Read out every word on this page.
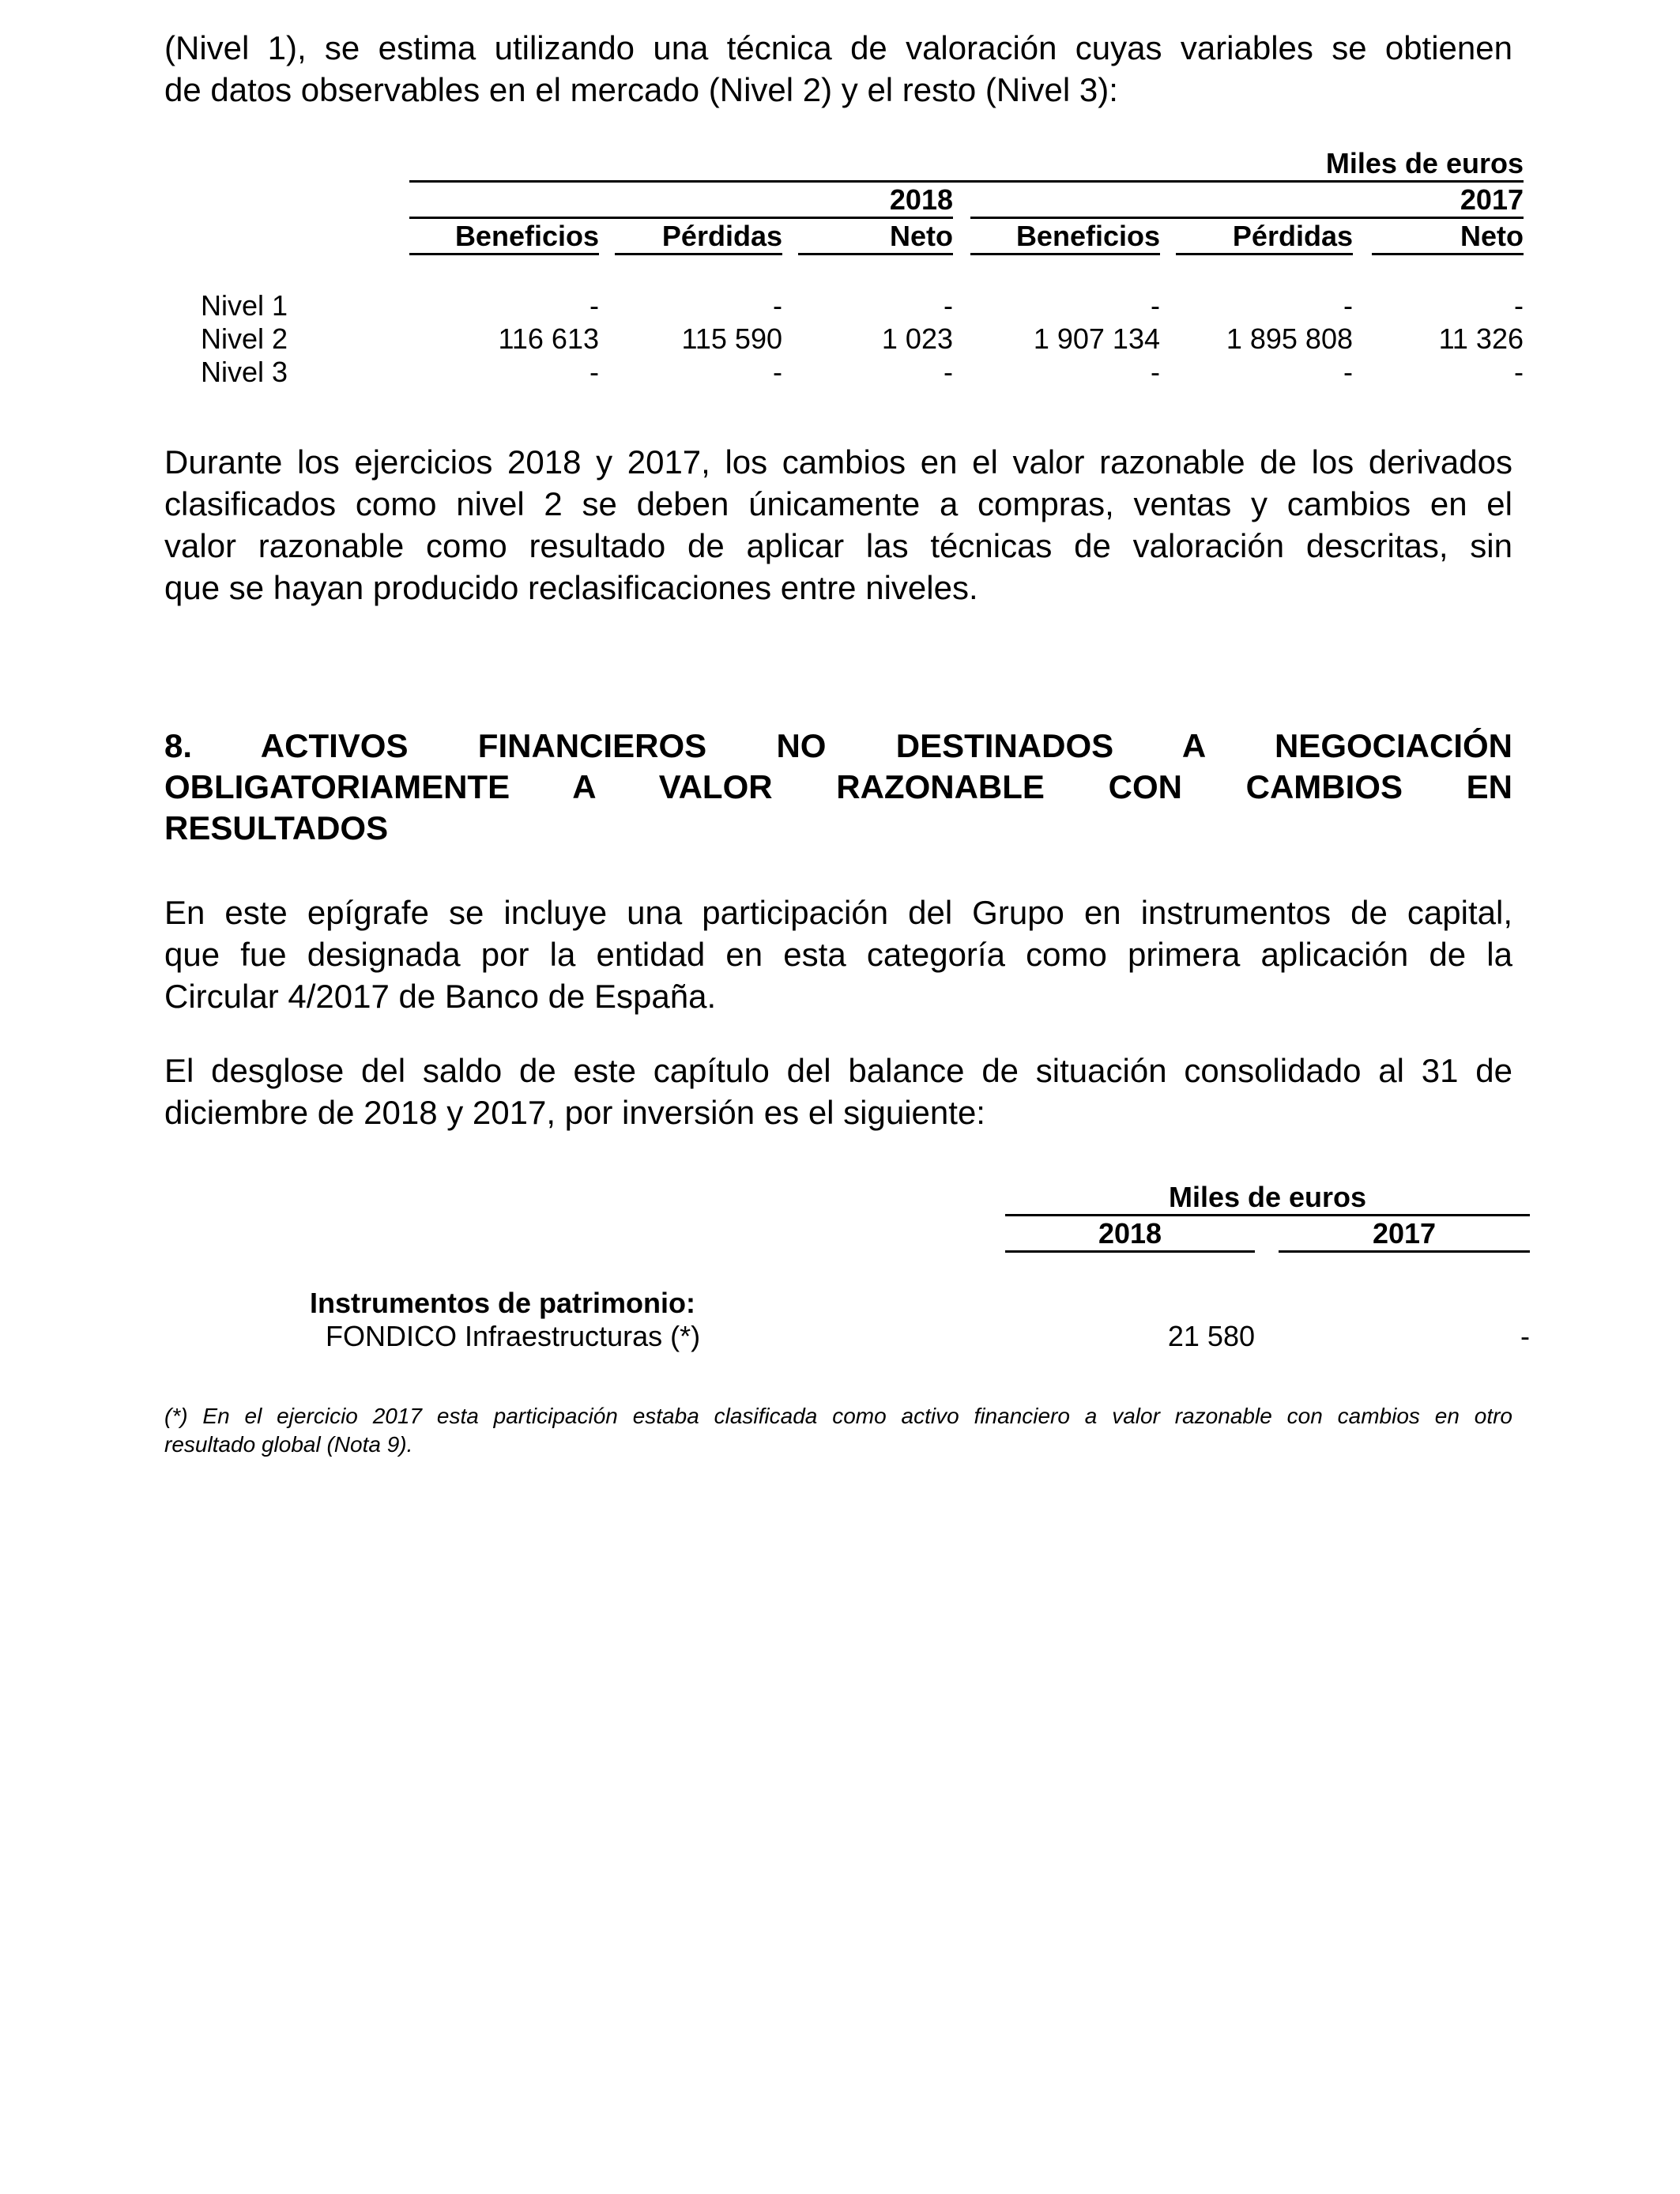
(Nivel 1), se estima utilizando una técnica de valoración cuyas variables se obtienen
de datos observables en el mercado (Nivel 2) y el resto (Nivel 3):
Miles de euros
2018	2017
Beneficios	Pérdidas	Neto	Beneficios	Pérdidas	Neto
Nivel 1	-	-	-	-	-	-
Nivel 2	116 613	115 590	1 023	1 907 134	1 895 808	11 326
Nivel 3	-	-	-	-	-	-
Durante los ejercicios 2018 y 2017, los cambios en el valor razonable de los derivados
clasificados como nivel 2 se deben únicamente a compras, ventas y cambios en el
valor razonable como resultado de aplicar las técnicas de valoración descritas, sin
que se hayan producido reclasificaciones entre niveles.
8. ACTIVOS FINANCIEROS NO DESTINADOS A NEGOCIACIÓN
OBLIGATORIAMENTE A VALOR RAZONABLE CON CAMBIOS EN
RESULTADOS
En este epígrafe se incluye una participación del Grupo en instrumentos de capital,
que fue designada por la entidad en esta categoría como primera aplicación de la
Circular 4/2017 de Banco de España.
El desglose del saldo de este capítulo del balance de situación consolidado al 31 de
diciembre de 2018 y 2017, por inversión es el siguiente:
Miles de euros
2018	2017
Instrumentos de patrimonio:
FONDICO Infraestructuras (*)	21 580	-
(*) En el ejercicio 2017 esta participación estaba clasificada como activo financiero a valor razonable con cambios en otro
resultado global (Nota 9).
